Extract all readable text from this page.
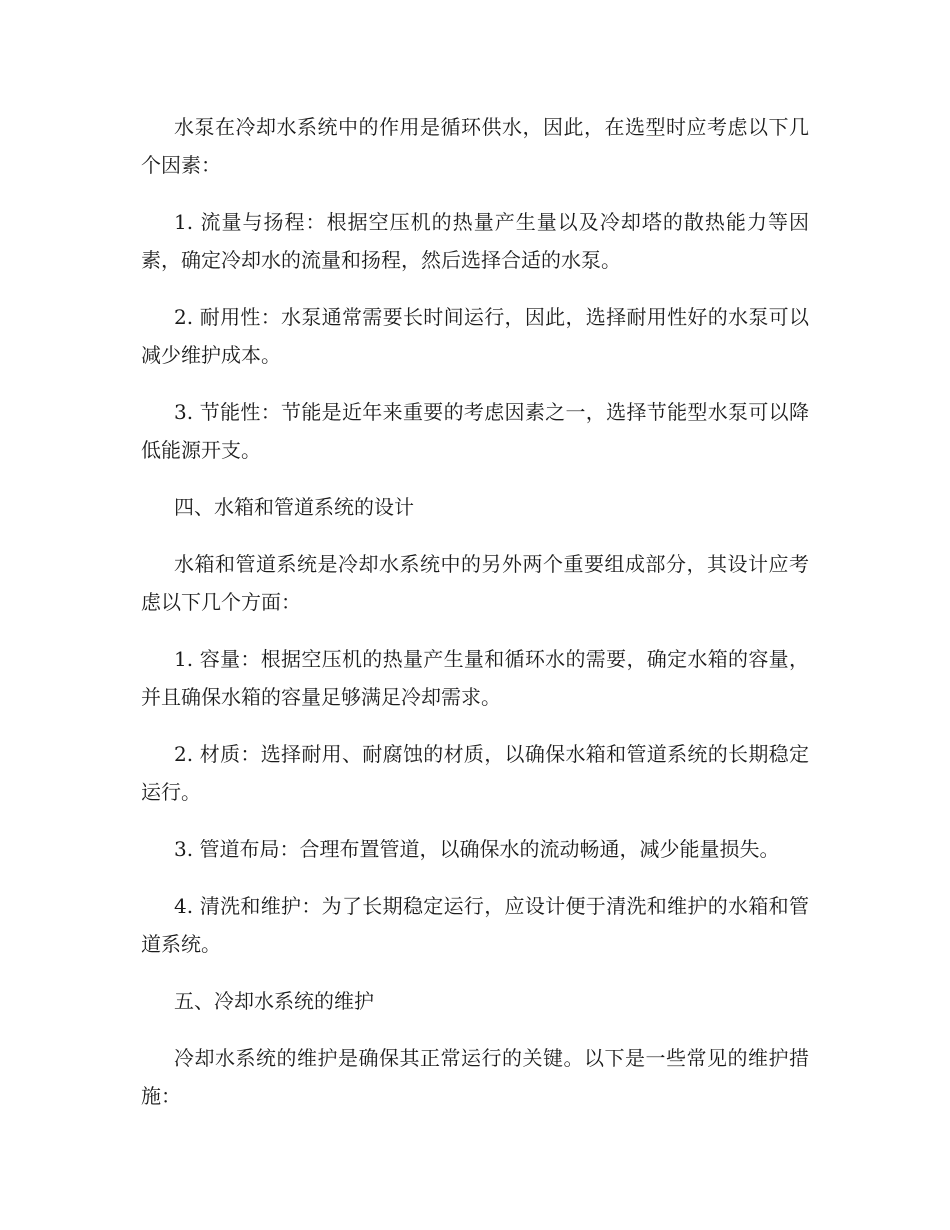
水泵在冷却水系统中的作用是循环供水，因此，在选型时应考虑以下几个因素：

1. 流量与扬程：根据空压机的热量产生量以及冷却塔的散热能力等因素，确定冷却水的流量和扬程，然后选择合适的水泵。

2. 耐用性：水泵通常需要长时间运行，因此，选择耐用性好的水泵可以减少维护成本。

3. 节能性：节能是近年来重要的考虑因素之一，选择节能型水泵可以降低能源开支。

四、水箱和管道系统的设计

水箱和管道系统是冷却水系统中的另外两个重要组成部分，其设计应考虑以下几个方面：

1. 容量：根据空压机的热量产生量和循环水的需要，确定水箱的容量，并且确保水箱的容量足够满足冷却需求。

2. 材质：选择耐用、耐腐蚀的材质，以确保水箱和管道系统的长期稳定运行。

3. 管道布局：合理布置管道，以确保水的流动畅通，减少能量损失。

4. 清洗和维护：为了长期稳定运行，应设计便于清洗和维护的水箱和管道系统。

五、冷却水系统的维护

冷却水系统的维护是确保其正常运行的关键。以下是一些常见的维护措施：
